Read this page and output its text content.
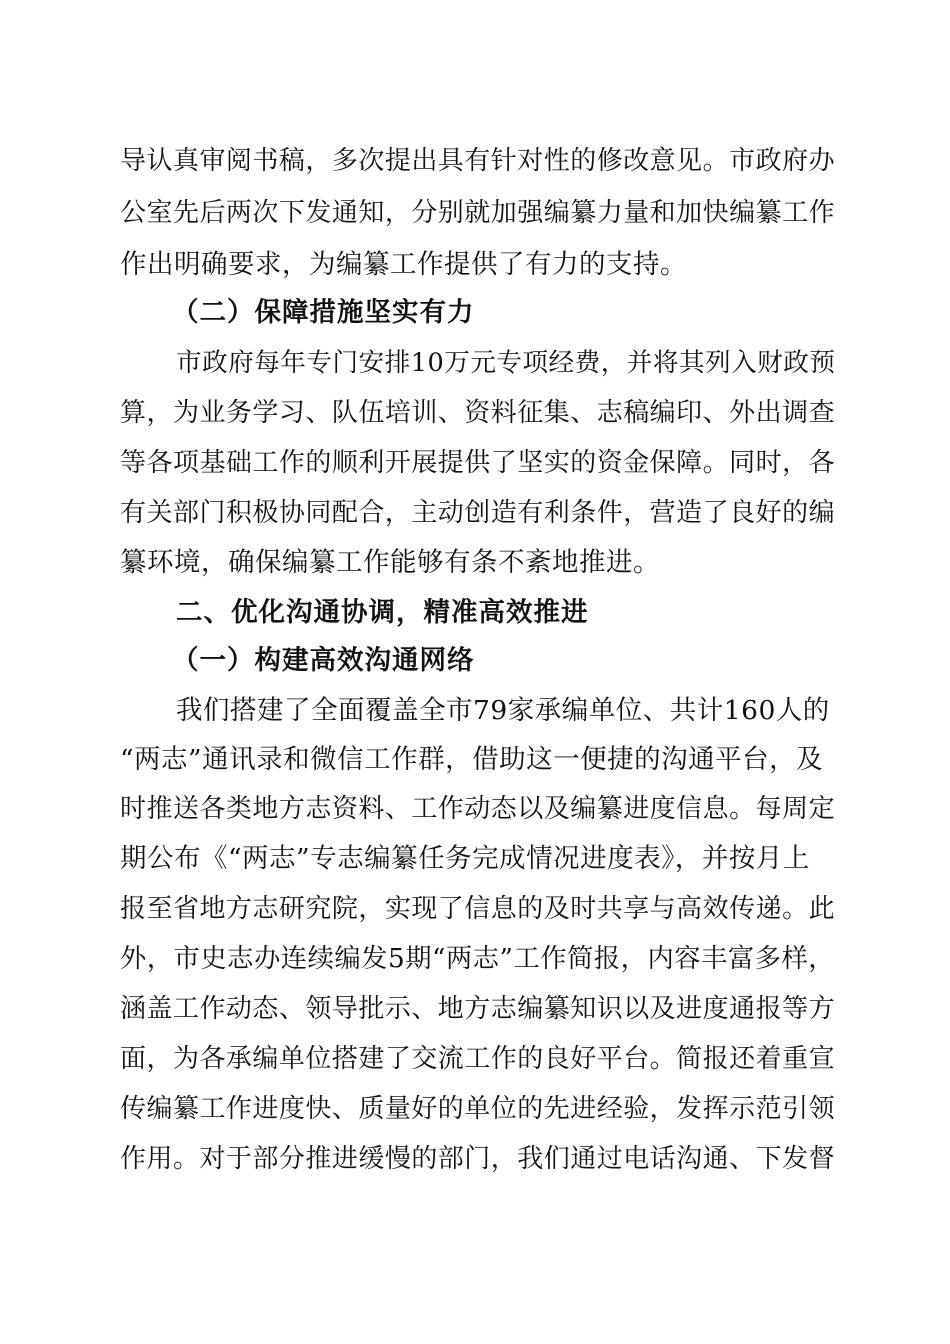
导认真审阅书稿，多次提出具有针对性的修改意见。市政府办
公室先后两次下发通知，分别就加强编纂力量和加快编纂工作
作出明确要求，为编纂工作提供了有力的支持。
（二）保障措施坚实有力
市政府每年专门安排10万元专项经费，并将其列入财政预
算，为业务学习、队伍培训、资料征集、志稿编印、外出调查
等各项基础工作的顺利开展提供了坚实的资金保障。同时，各
有关部门积极协同配合，主动创造有利条件，营造了良好的编
纂环境，确保编纂工作能够有条不紊地推进。
二、优化沟通协调，精准高效推进
（一）构建高效沟通网络
我们搭建了全面覆盖全市79家承编单位、共计160人的
“两志”通讯录和微信工作群，借助这一便捷的沟通平台，及
时推送各类地方志资料、工作动态以及编纂进度信息。每周定
期公布《“两志”专志编纂任务完成情况进度表》，并按月上
报至省地方志研究院，实现了信息的及时共享与高效传递。此
外，市史志办连续编发5期“两志”工作简报，内容丰富多样，
涵盖工作动态、领导批示、地方志编纂知识以及进度通报等方
面，为各承编单位搭建了交流工作的良好平台。简报还着重宣
传编纂工作进度快、质量好的单位的先进经验，发挥示范引领
作用。对于部分推进缓慢的部门，我们通过电话沟通、下发督
